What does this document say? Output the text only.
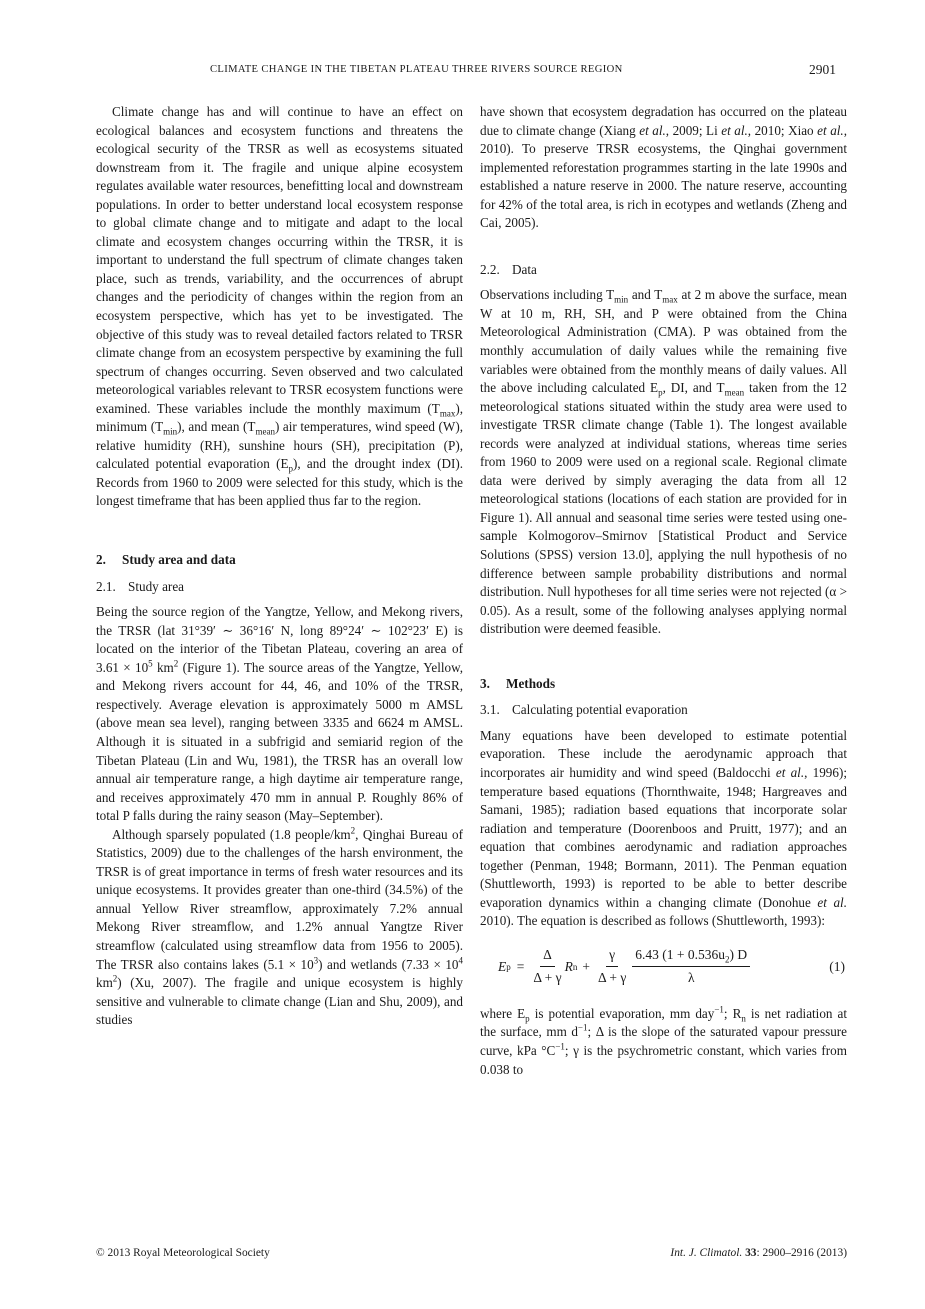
CLIMATE CHANGE IN THE TIBETAN PLATEAU THREE RIVERS SOURCE REGION	2901

Climate change has and will continue to have an effect on ecological balances and ecosystem functions and threatens the ecological security of the TRSR as well as ecosystems situated downstream from it. The fragile and unique alpine ecosystem regulates available water resources, benefitting local and downstream populations. In order to better understand local ecosystem response to global climate change and to mitigate and adapt to the local climate and ecosystem changes occurring within the TRSR, it is important to understand the full spectrum of climate changes taken place, such as trends, variability, and the occurrences of abrupt changes and the periodicity of changes within the region from an ecosystem perspective, which has yet to be investigated. The objective of this study was to reveal detailed factors related to TRSR climate change from an ecosystem perspective by examining the full spectrum of changes occurring. Seven observed and two calculated meteorological variables relevant to TRSR ecosystem functions were examined. These variables include the monthly maximum $(T_{max})$, minimum $(T_{min})$, and mean $(T_{mean})$ air temperatures, wind speed (W), relative humidity (RH), sunshine hours (SH), precipitation (P), calculated potential evaporation $(E_p)$, and the drought index (DI). Records from 1960 to 2009 were selected for this study, which is the longest timeframe that has been applied thus far to the region.

2. Study area and data
2.1. Study area

Being the source region of the Yangtze, Yellow, and Mekong rivers, the TRSR (lat 31°39′ ∼ 36°16′ N, long 89°24′ ∼ 102°23′ E) is located on the interior of the Tibetan Plateau, covering an area of $3.61 \times 10^5$ $km^2$ (Figure 1). The source areas of the Yangtze, Yellow, and Mekong rivers account for 44, 46, and 10% of the TRSR, respectively. Average elevation is approximately 5000 m AMSL (above mean sea level), ranging between 3335 and 6624 m AMSL. Although it is situated in a subfrigid and semiarid region of the Tibetan Plateau (Lin and Wu, 1981), the TRSR has an overall low annual air temperature range, a high daytime air temperature range, and receives approximately 470 mm in annual P. Roughly 86% of total P falls during the rainy season (May–September).

Although sparsely populated (1.8 people/$km^2$, Qinghai Bureau of Statistics, 2009) due to the challenges of the harsh environment, the TRSR is of great importance in terms of fresh water resources and its unique ecosystems. It provides greater than one-third (34.5%) of the annual Yellow River streamflow, approximately 7.2% annual Mekong River streamflow, and 1.2% annual Yangtze River streamflow (calculated using streamflow data from 1956 to 2005). The TRSR also contains lakes $(5.1 \times 10^3)$ and wetlands ($7.33 \times 10^4$ $km^2$) (Xu, 2007). The fragile and unique ecosystem is highly sensitive and vulnerable to climate change (Lian and Shu, 2009), and studies

have shown that ecosystem degradation has occurred on the plateau due to climate change (Xiang et al., 2009; Li et al., 2010; Xiao et al., 2010). To preserve TRSR ecosystems, the Qinghai government implemented reforestation programmes starting in the late 1990s and established a nature reserve in 2000. The nature reserve, accounting for 42% of the total area, is rich in ecotypes and wetlands (Zheng and Cai, 2005).

2.2. Data

Observations including $T_{min}$ and $T_{max}$ at 2 m above the surface, mean W at 10 m, RH, SH, and P were obtained from the China Meteorological Administration (CMA). P was obtained from the monthly accumulation of daily values while the remaining five variables were obtained from the monthly means of daily values. All the above including calculated $E_p$, DI, and $T_{mean}$ taken from the 12 meteorological stations situated within the study area were used to investigate TRSR climate change (Table 1). The longest available records were analyzed at individual stations, whereas time series from 1960 to 2009 were used on a regional scale. Regional climate data were derived by simply averaging the data from all 12 meteorological stations (locations of each station are provided for in Figure 1). All annual and seasonal time series were tested using one-sample Kolmogorov–Smirnov [Statistical Product and Service Solutions (SPSS) version 13.0], applying the null hypothesis of no difference between sample probability distributions and normal distribution. Null hypotheses for all time series were not rejected (α > 0.05). As a result, some of the following analyses applying normal distribution were deemed feasible.

3. Methods
3.1. Calculating potential evaporation

Many equations have been developed to estimate potential evaporation. These include the aerodynamic approach that incorporates air humidity and wind speed (Baldocchi et al., 1996); temperature based equations (Thornthwaite, 1948; Hargreaves and Samani, 1985); radiation based equations that incorporate solar radiation and temperature (Doorenboos and Pruitt, 1977); and an equation that combines aerodynamic and radiation approaches together (Penman, 1948; Bormann, 2011). The Penman equation (Shuttleworth, 1993) is reported to be able to better describe evaporation dynamics within a changing climate (Donohue et al. 2010). The equation is described as follows (Shuttleworth, 1993):

E $p = \frac{\Delta}{\Delta + \gamma}$ R $n + \frac{\gamma}{\Delta + \gamma} \frac{6.43 (1 + 0.536u_2) D}{\lambda}$	(1)

where $E_p$ is potential evaporation, mm day$^{-1}$; $R_n$ is net radiation at the surface, mm $d^{-1}$; Δ is the slope of the saturated vapour pressure curve, kPa $^\circ C^{-1}$; γ is the psychrometric constant, which varies from 0.038 to

© 2013 Royal Meteorological Society	Int. J. Climatol. 33: 2900–2916 (2013)
